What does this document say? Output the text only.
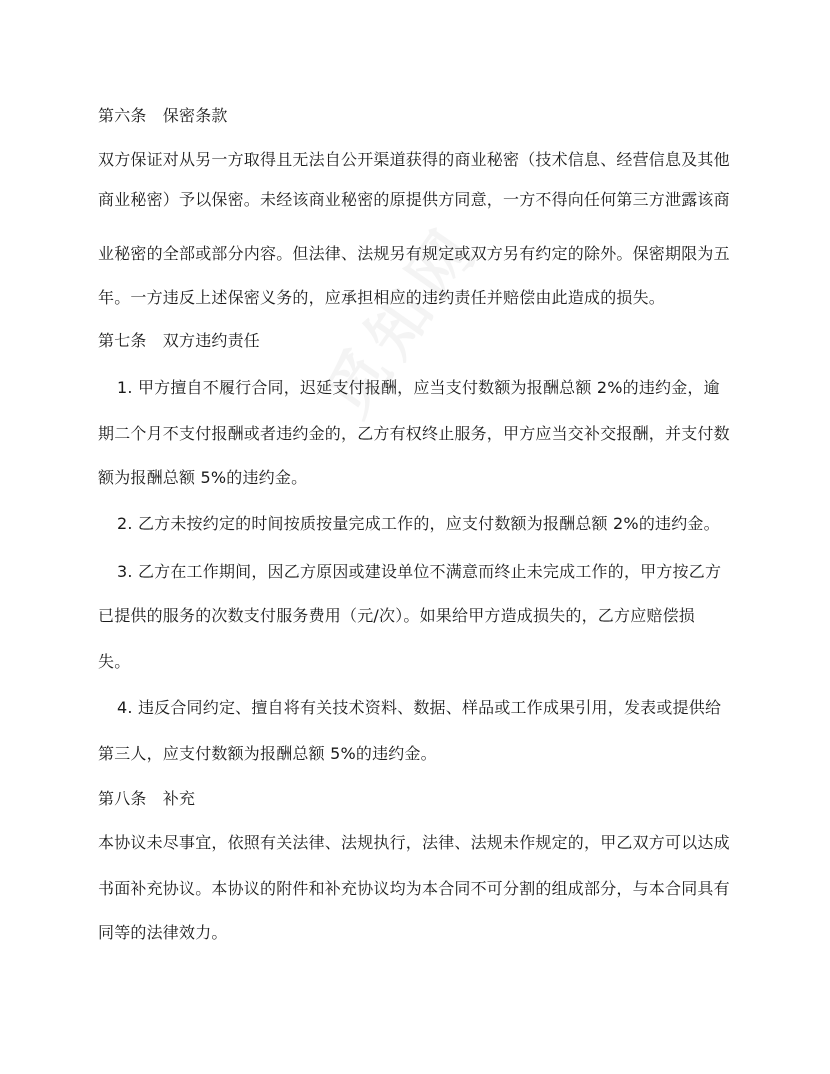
第六条　保密条款
双方保证对从另一方取得且无法自公开渠道获得的商业秘密（技术信息、经营信息及其他
商业秘密）予以保密。未经该商业秘密的原提供方同意，一方不得向任何第三方泄露该商
业秘密的全部或部分内容。但法律、法规另有规定或双方另有约定的除外。保密期限为五
年。一方违反上述保密义务的，应承担相应的违约责任并赔偿由此造成的损失。
第七条　双方违约责任
1. 甲方擅自不履行合同，迟延支付报酬，应当支付数额为报酬总额 2%的违约金，逾
期二个月不支付报酬或者违约金的，乙方有权终止服务，甲方应当交补交报酬，并支付数
额为报酬总额 5%的违约金。
2. 乙方未按约定的时间按质按量完成工作的，应支付数额为报酬总额 2%的违约金。
3. 乙方在工作期间，因乙方原因或建设单位不满意而终止未完成工作的，甲方按乙方
已提供的服务的次数支付服务费用（元/次）。如果给甲方造成损失的，乙方应赔偿损
失。
4. 违反合同约定、擅自将有关技术资料、数据、样品或工作成果引用，发表或提供给
第三人，应支付数额为报酬总额 5%的违约金。
第八条　补充
本协议未尽事宜，依照有关法律、法规执行，法律、法规未作规定的，甲乙双方可以达成
书面补充协议。本协议的附件和补充协议均为本合同不可分割的组成部分，与本合同具有
同等的法律效力。
